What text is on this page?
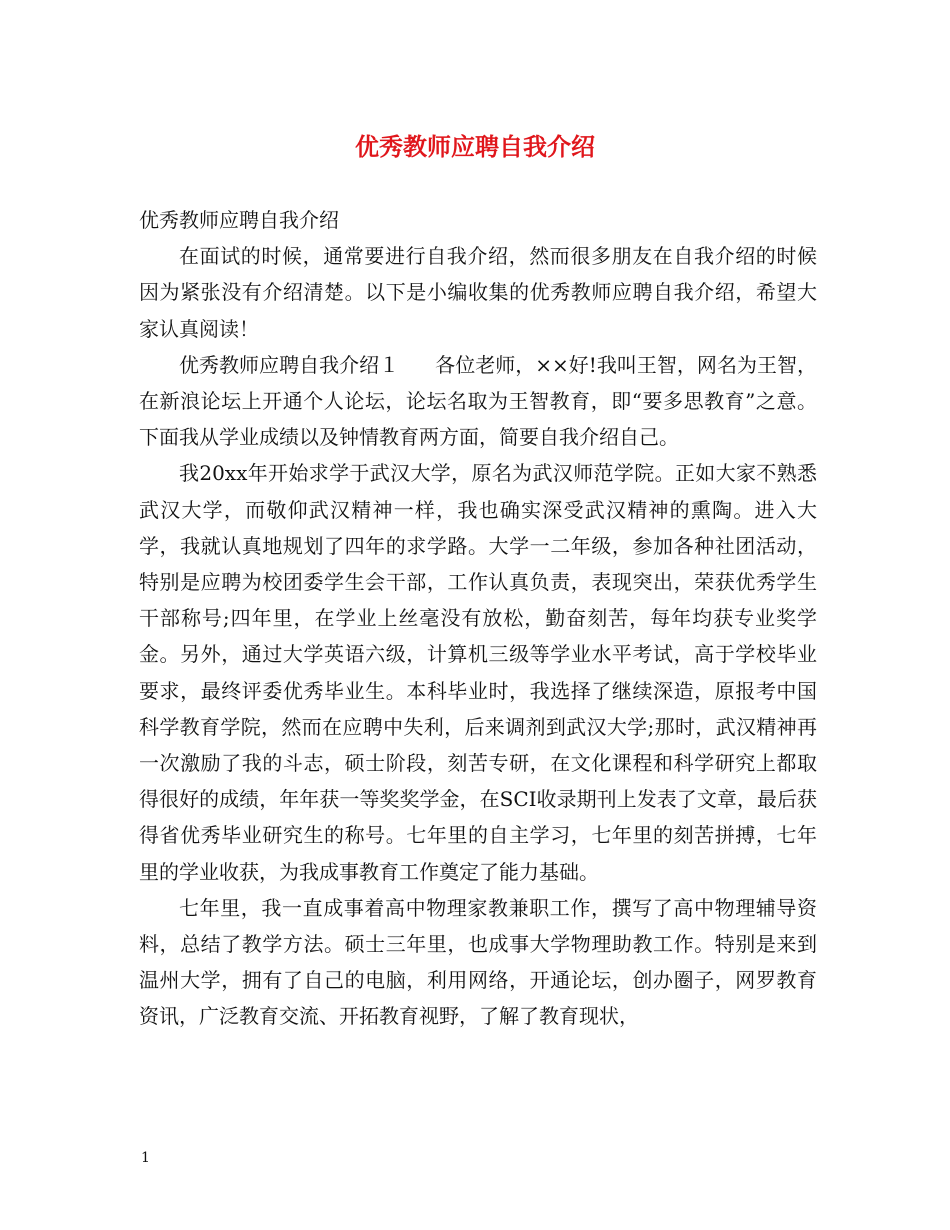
优秀教师应聘自我介绍

优秀教师应聘自我介绍

在面试的时候，通常要进行自我介绍，然而很多朋友在自我介绍的时候因为紧张没有介绍清楚。以下是小编收集的优秀教师应聘自我介绍，希望大家认真阅读！

优秀教师应聘自我介绍１ 各位老师，××好!我叫王智，网名为王智，在新浪论坛上开通个人论坛，论坛名取为王智教育，即“要多思教育”之意。下面我从学业成绩以及钟情教育两方面，简要自我介绍自己。

我20xx年开始求学于武汉大学，原名为武汉师范学院。正如大家不熟悉武汉大学，而敬仰武汉精神一样，我也确实深受武汉精神的熏陶。进入大学，我就认真地规划了四年的求学路。大学一二年级，参加各种社团活动，特别是应聘为校团委学生会干部，工作认真负责，表现突出，荣获优秀学生干部称号;四年里，在学业上丝毫没有放松，勤奋刻苦，每年均获专业奖学金。另外，通过大学英语六级，计算机三级等学业水平考试，高于学校毕业要求，最终评委优秀毕业生。本科毕业时，我选择了继续深造，原报考中国科学教育学院，然而在应聘中失利，后来调剂到武汉大学;那时，武汉精神再一次激励了我的斗志，硕士阶段，刻苦专研，在文化课程和科学研究上都取得很好的成绩，年年获一等奖奖学金，在SCI收录期刊上发表了文章，最后获得省优秀毕业研究生的称号。七年里的自主学习，七年里的刻苦拼搏，七年里的学业收获，为我成事教育工作奠定了能力基础。

七年里，我一直成事着高中物理家教兼职工作，撰写了高中物理辅导资料，总结了教学方法。硕士三年里，也成事大学物理助教工作。特别是来到温州大学，拥有了自己的电脑，利用网络，开通论坛，创办圈子，网罗教育资讯，广泛教育交流、开拓教育视野，了解了教育现状，

1
